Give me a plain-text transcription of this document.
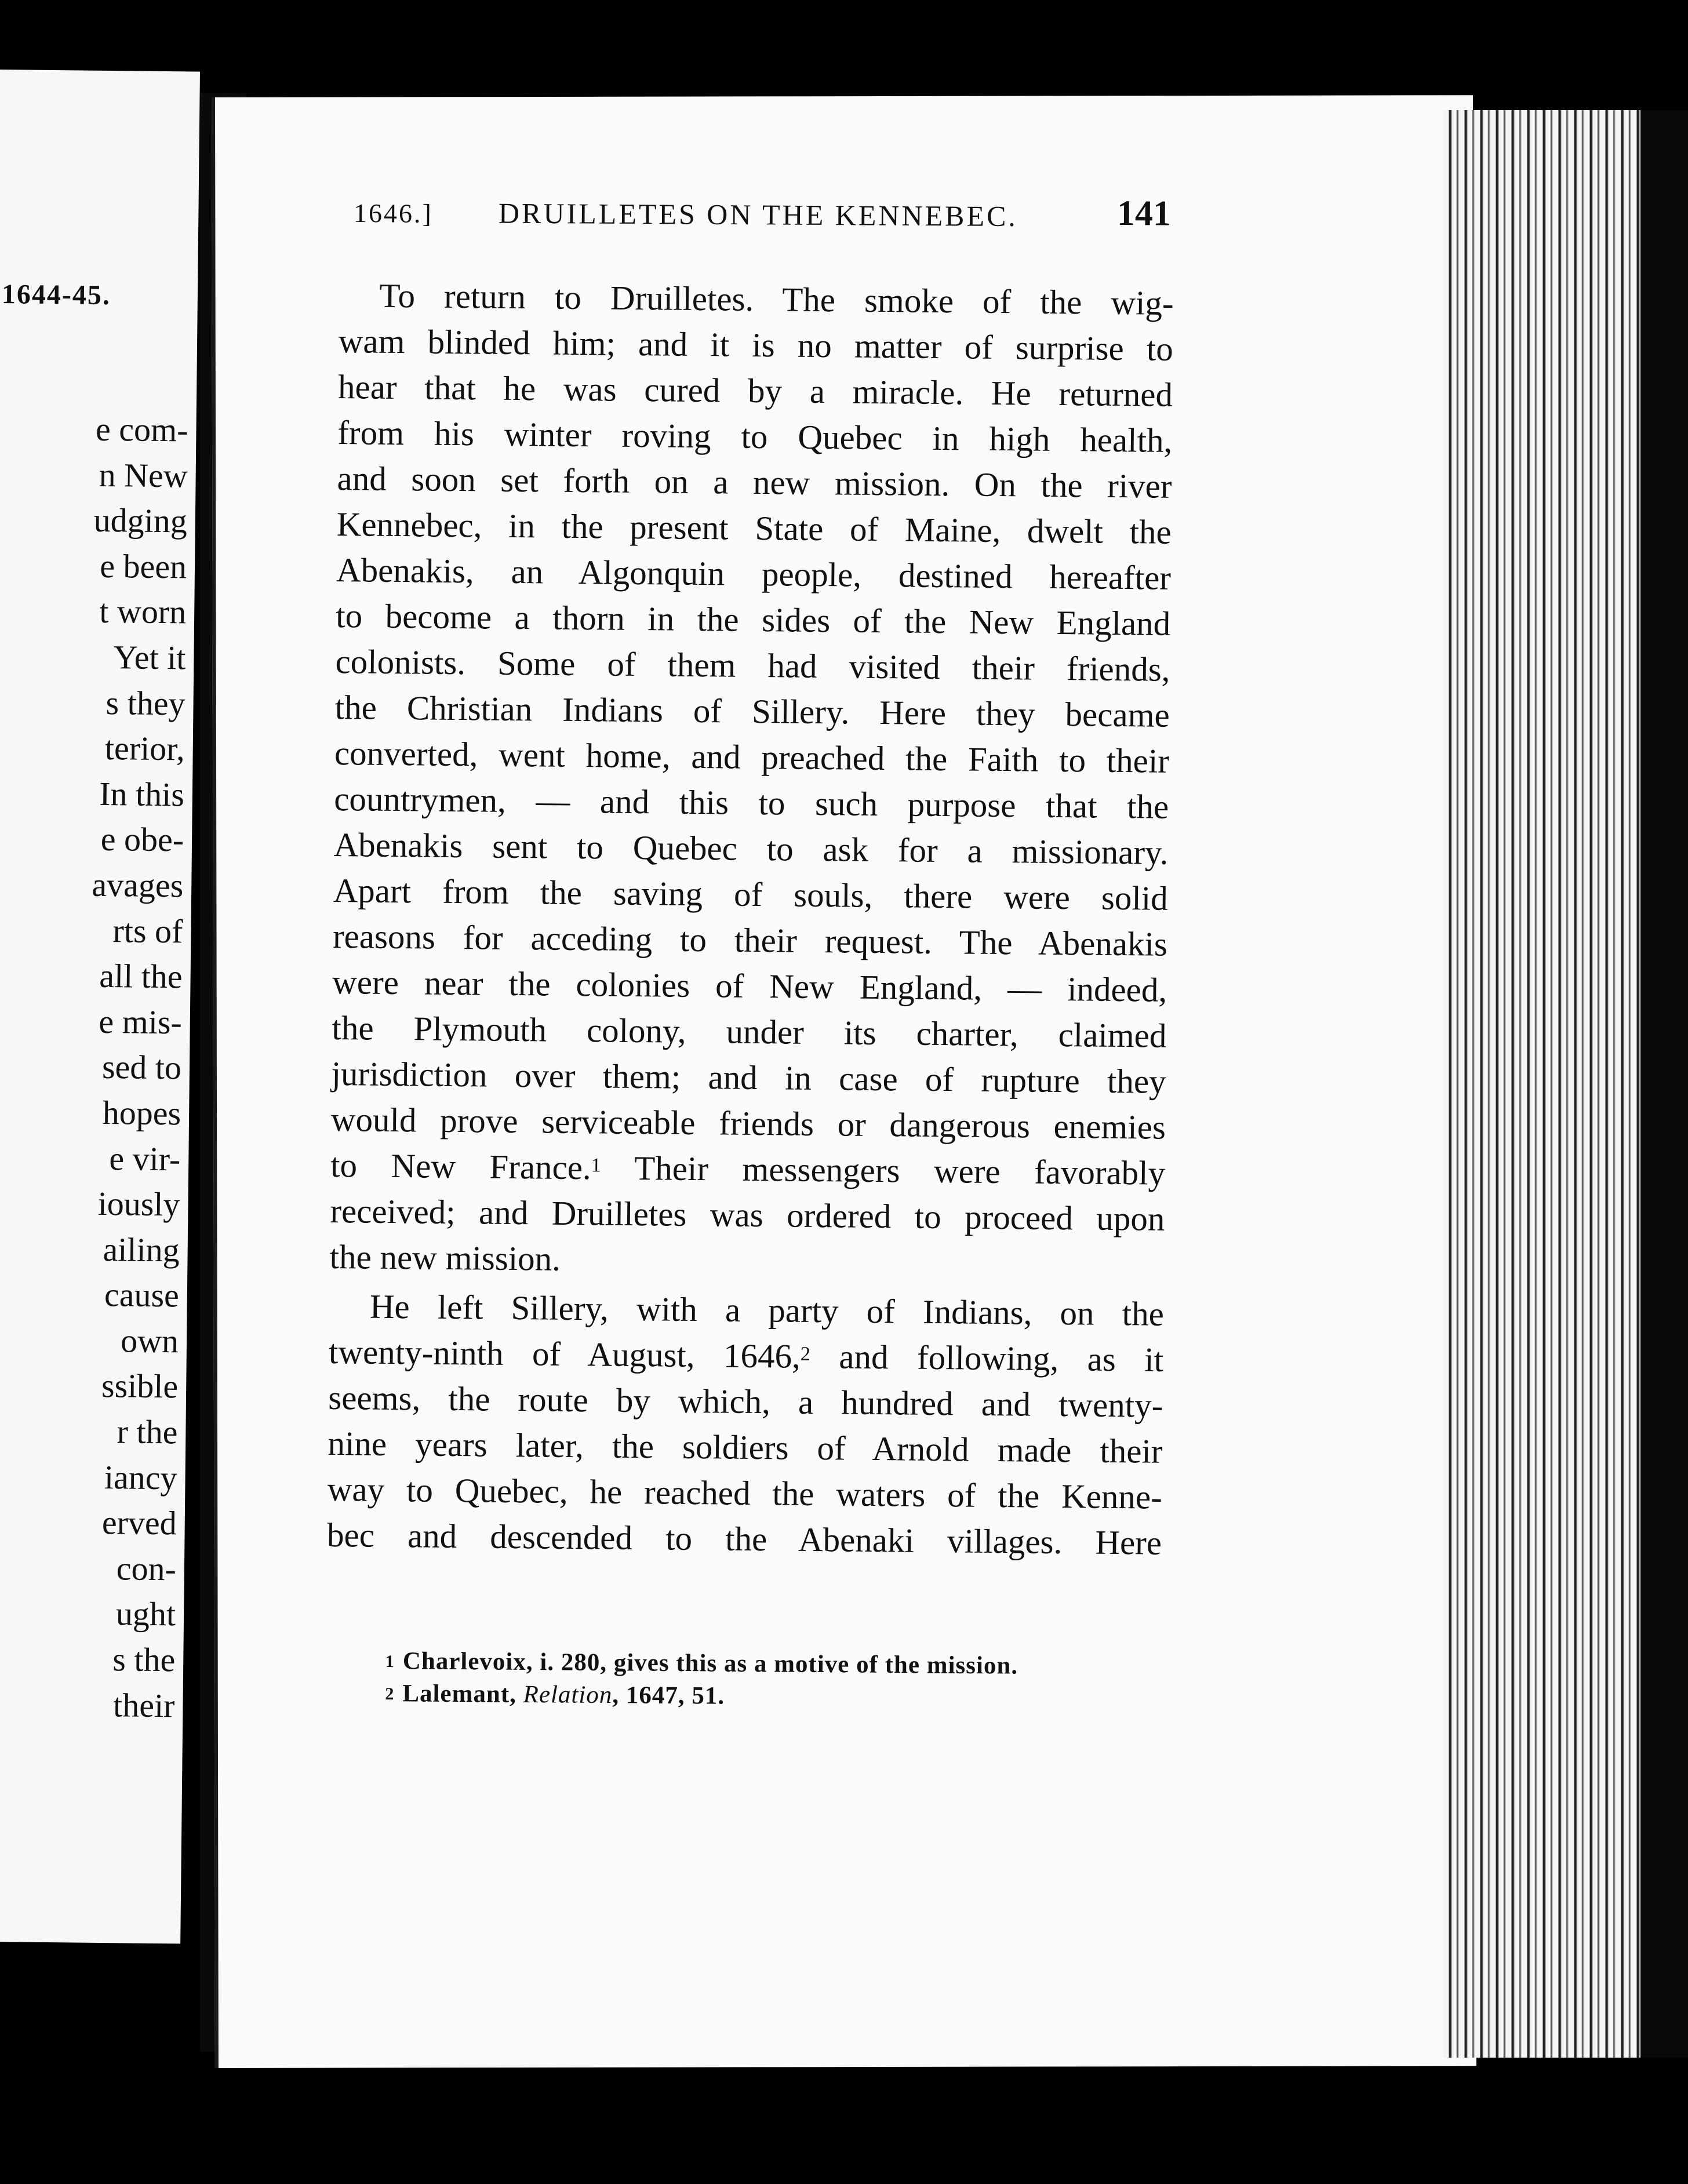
1644-45.
e com-
n New
udging
e been
t worn
Yet it
s they
terior,
In this
e obe-
avages
rts of
all the
e mis-
sed to
hopes
e vir-
iously
ailing
cause
own
ssible
r the
iancy
erved
con-
ught
s the
their
1646.] DRUILLETES ON THE KENNEBEC.	141
To return to Druilletes. The smoke of the wig-
wam blinded him; and it is no matter of surprise to
hear that he was cured by a miracle. He returned
from his winter roving to Quebec in high health,
and soon set forth on a new mission. On the river
Kennebec, in the present State of Maine, dwelt the
Abenakis, an Algonquin people, destined hereafter
to become a thorn in the sides of the New England
colonists. Some of them had visited their friends,
the Christian Indians of Sillery. Here they became
converted, went home, and preached the Faith to their
countrymen, — and this to such purpose that the
Abenakis sent to Quebec to ask for a missionary.
Apart from the saving of souls, there were solid
reasons for acceding to their request. The Abenakis
were near the colonies of New England, — indeed,
the Plymouth colony, under its charter, claimed
jurisdiction over them; and in case of rupture they
would prove serviceable friends or dangerous enemies
to New France.$^1$ Their messengers were favorably
received; and Druilletes was ordered to proceed upon
the new mission.
He left Sillery, with a party of Indians, on the
twenty-ninth of August, 1646,$^2$ and following, as it
seems, the route by which, a hundred and twenty-
nine years later, the soldiers of Arnold made their
way to Quebec, he reached the waters of the Kenne-
bec and descended to the Abenaki villages. Here
$^1$ Charlevoix, i. 280, gives this as a motive of the mission.
$^2$ Lalemant, Relation, 1647, 51.
